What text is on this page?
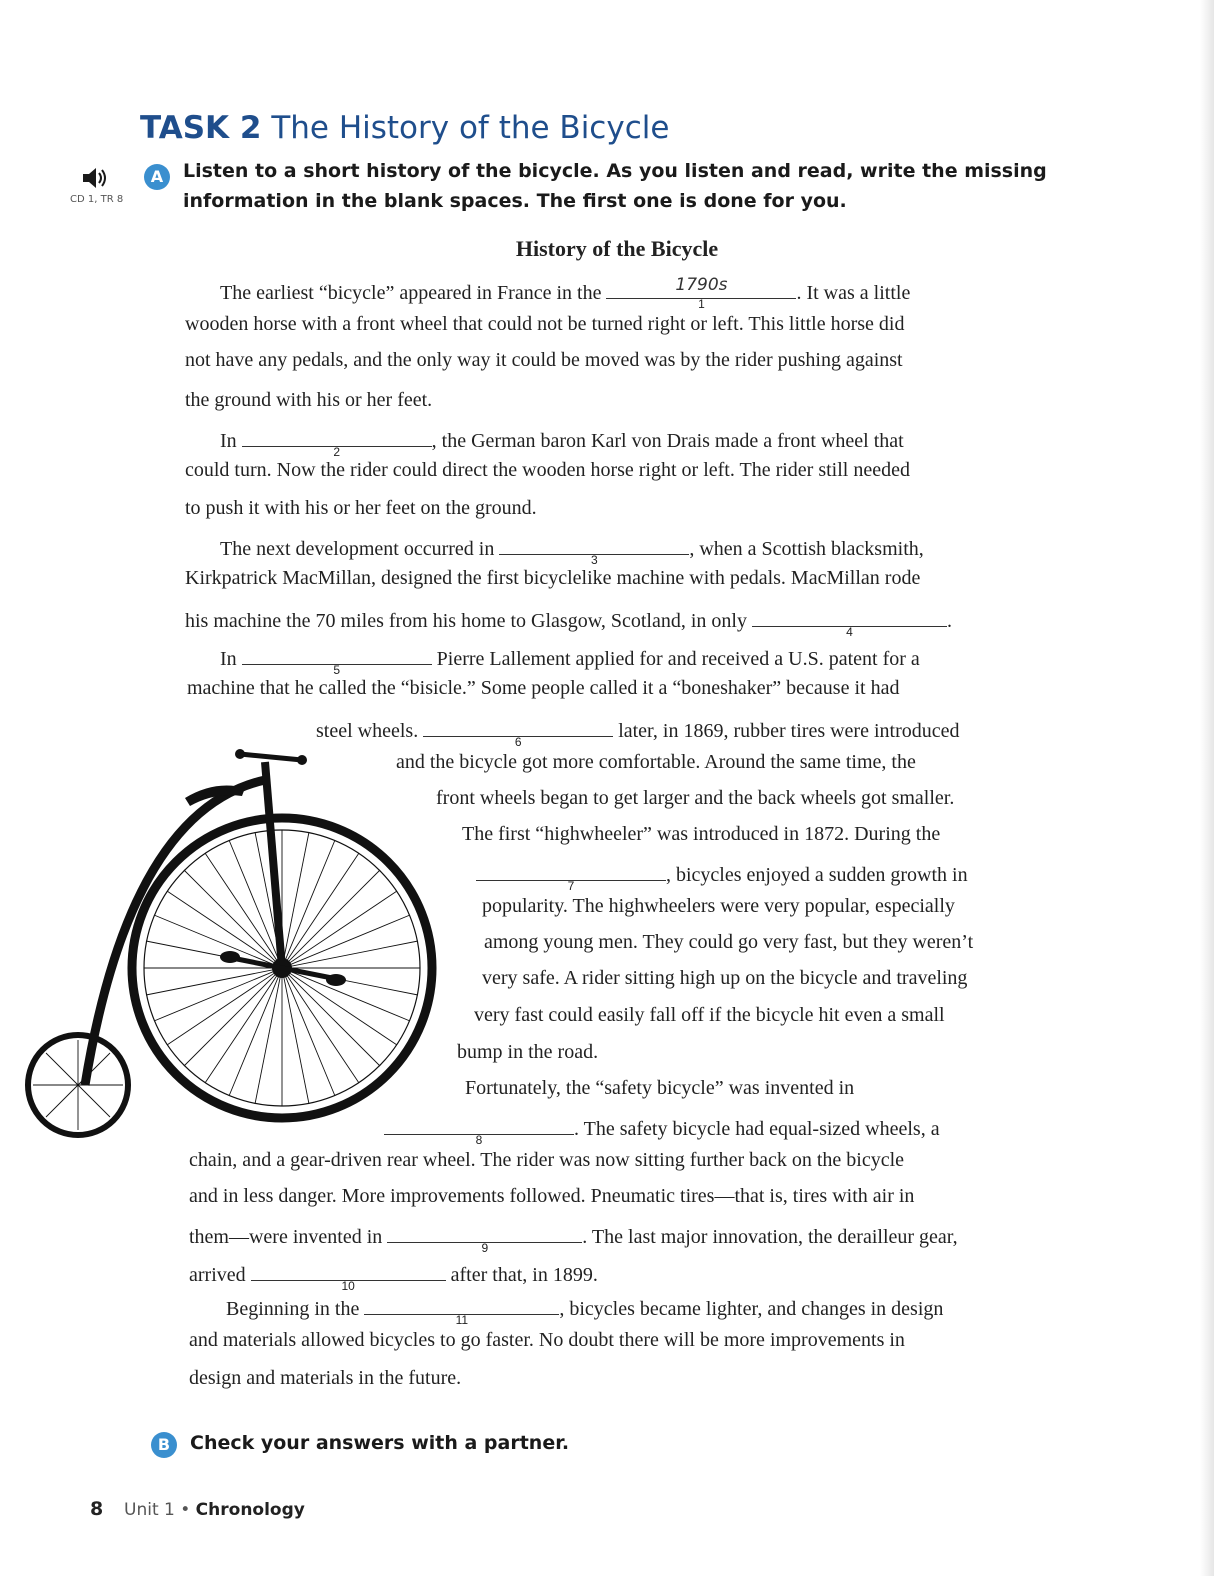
TASK 2 The History of the Bicycle
CD 1, TR 8
A	Listen to a short history of the bicycle. As you listen and read, write the missing
information in the blank spaces. The first one is done for you.
History of the Bicycle
The earliest “bicycle” appeared in France in the	1790s
1	. It was a little
wooden horse with a front wheel that could not be turned right or left. This little horse did
not have any pedals, and the only way it could be moved was by the rider pushing against
the ground with his or her feet.
In	2	, the German baron Karl von Drais made a front wheel that
could turn. Now the rider could direct the wooden horse right or left. The rider still needed
to push it with his or her feet on the ground.
The next development occurred in	3	, when a Scottish blacksmith,
Kirkpatrick MacMillan, designed the first bicyclelike machine with pedals. MacMillan rode
his machine the 70 miles from his home to Glasgow, Scotland, in only	4	.
In	5	Pierre Lallement applied for and received a U.S. patent for a
machine that he called the “bisicle.” Some people called it a “boneshaker” because it had
steel wheels.	6	later, in 1869, rubber tires were introduced
and the bicycle got more comfortable. Around the same time, the
front wheels began to get larger and the back wheels got smaller.
The first “highwheeler” was introduced in 1872. During the
7	, bicycles enjoyed a sudden growth in
popularity. The highwheelers were very popular, especially
among young men. They could go very fast, but they weren’t
very safe. A rider sitting high up on the bicycle and traveling
very fast could easily fall off if the bicycle hit even a small
bump in the road.
Fortunately, the “safety bicycle” was invented in
8	. The safety bicycle had equal-sized wheels, a
chain, and a gear-driven rear wheel. The rider was now sitting further back on the bicycle
and in less danger. More improvements followed. Pneumatic tires—that is, tires with air in
them—were invented in	9	. The last major innovation, the derailleur gear,
arrived	10	after that, in 1899.
Beginning in the	11	, bicycles became lighter, and changes in design
and materials allowed bicycles to go faster. No doubt there will be more improvements in
design and materials in the future.
B	Check your answers with a partner.
8 Unit 1 • Chronology
